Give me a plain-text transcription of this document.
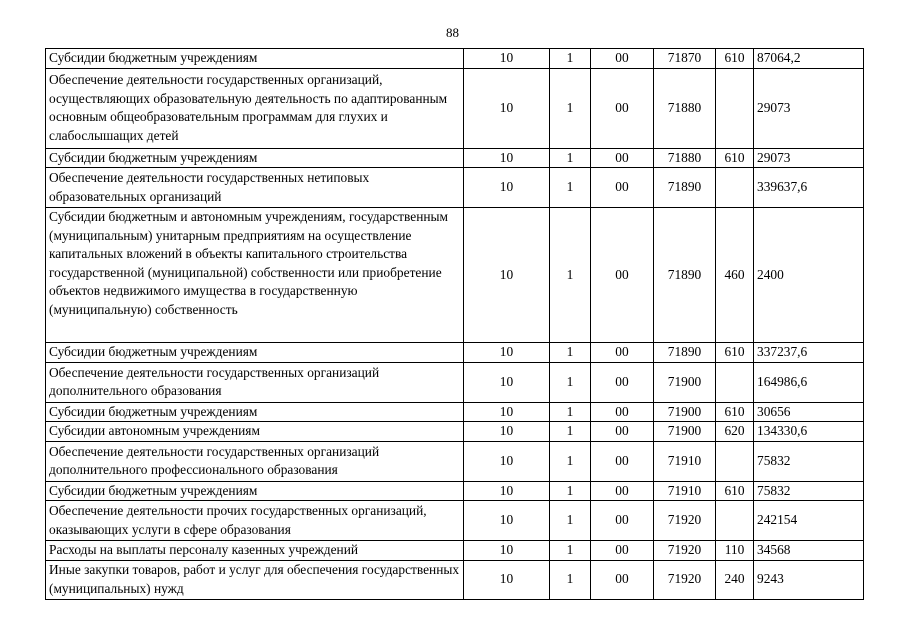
88
Субсидии бюджетным учреждениям	10	1	00	71870	610	87064,2
Обеспечение деятельности государственных организаций, осуществляющих образовательную деятельность по адаптированным основным общеобразовательным программам для глухих и слабослышащих детей	10	1	00	71880		29073
Субсидии бюджетным учреждениям	10	1	00	71880	610	29073
Обеспечение деятельности государственных нетиповых образовательных организаций	10	1	00	71890		339637,6
Субсидии бюджетным и автономным учреждениям, государственным (муниципальным) унитарным предприятиям на осуществление капитальных вложений в объекты капитального строительства государственной (муниципальной) собственности или приобретение объектов недвижимого имущества в государственную (муниципальную) собственность	10	1	00	71890	460	2400
Субсидии бюджетным учреждениям	10	1	00	71890	610	337237,6
Обеспечение деятельности государственных организаций дополнительного образования	10	1	00	71900		164986,6
Субсидии бюджетным учреждениям	10	1	00	71900	610	30656
Субсидии автономным учреждениям	10	1	00	71900	620	134330,6
Обеспечение деятельности государственных организаций дополнительного профессионального образования	10	1	00	71910		75832
Субсидии бюджетным учреждениям	10	1	00	71910	610	75832
Обеспечение деятельности прочих государственных организаций, оказывающих услуги в сфере образования	10	1	00	71920		242154
Расходы на выплаты персоналу казенных учреждений	10	1	00	71920	110	34568
Иные закупки товаров, работ и услуг для обеспечения государственных (муниципальных) нужд	10	1	00	71920	240	9243
